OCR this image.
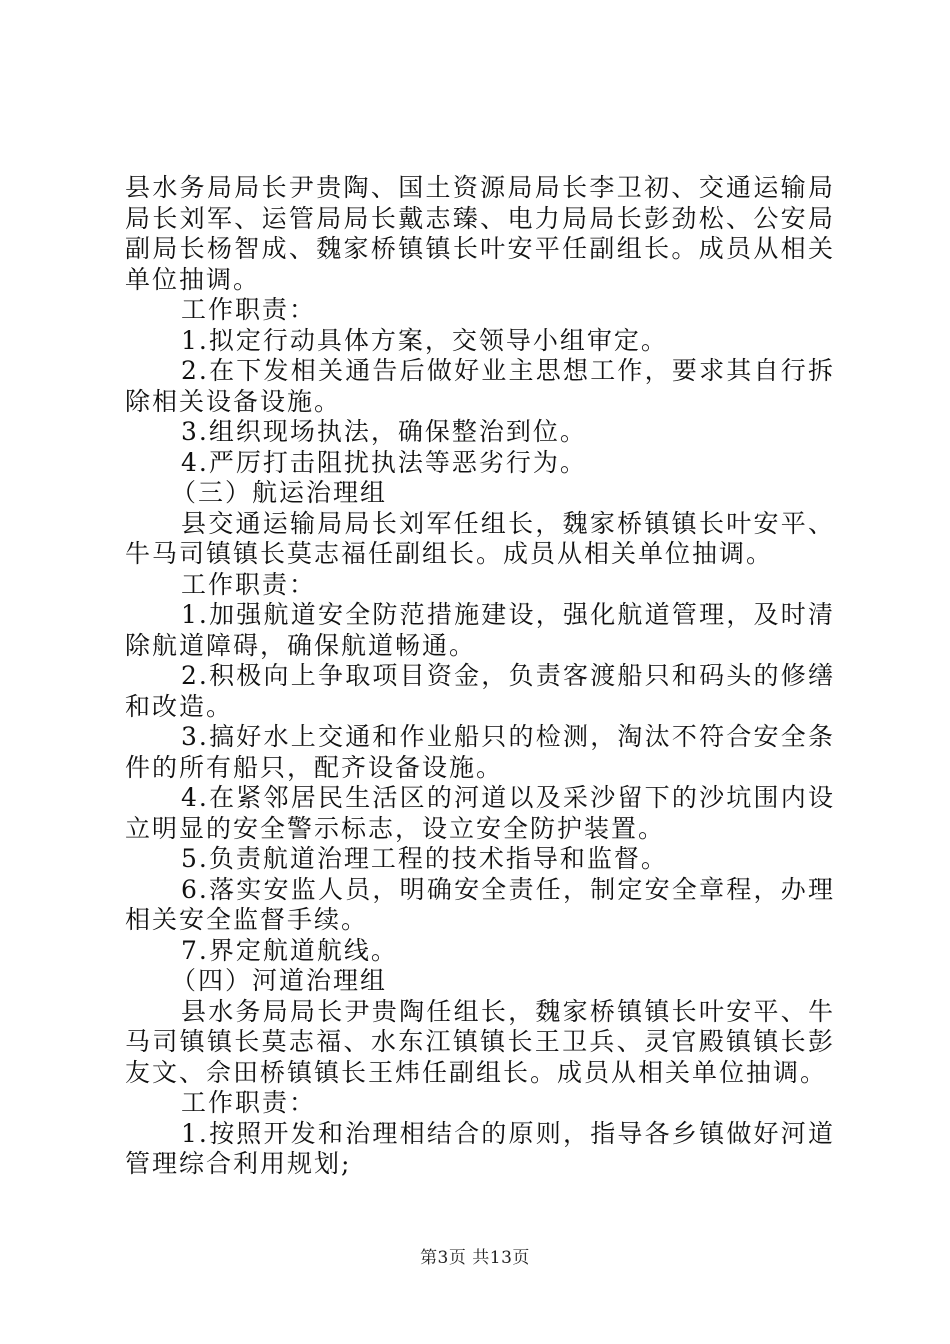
县水务局局长尹贵陶、国土资源局局长李卫初、交通运输局局长刘军、运管局局长戴志臻、电力局局长彭劲松、公安局副局长杨智成、魏家桥镇镇长叶安平任副组长。成员从相关单位抽调。

工作职责：

1.拟定行动具体方案，交领导小组审定。

2.在下发相关通告后做好业主思想工作，要求其自行拆除相关设备设施。

3.组织现场执法，确保整治到位。

4.严厉打击阻扰执法等恶劣行为。

（三）航运治理组

县交通运输局局长刘军任组长，魏家桥镇镇长叶安平、牛马司镇镇长莫志福任副组长。成员从相关单位抽调。

工作职责：

1.加强航道安全防范措施建设，强化航道管理，及时清除航道障碍，确保航道畅通。

2.积极向上争取项目资金，负责客渡船只和码头的修缮和改造。

3.搞好水上交通和作业船只的检测，淘汰不符合安全条件的所有船只，配齐设备设施。

4.在紧邻居民生活区的河道以及采沙留下的沙坑围内设立明显的安全警示标志，设立安全防护装置。

5.负责航道治理工程的技术指导和监督。

6.落实安监人员，明确安全责任，制定安全章程，办理相关安全监督手续。

7.界定航道航线。

（四）河道治理组

县水务局局长尹贵陶任组长，魏家桥镇镇长叶安平、牛马司镇镇长莫志福、水东江镇镇长王卫兵、灵官殿镇镇长彭友文、佘田桥镇镇长王炜任副组长。成员从相关单位抽调。

工作职责：

1.按照开发和治理相结合的原则，指导各乡镇做好河道管理综合利用规划;

第3页 共13页
